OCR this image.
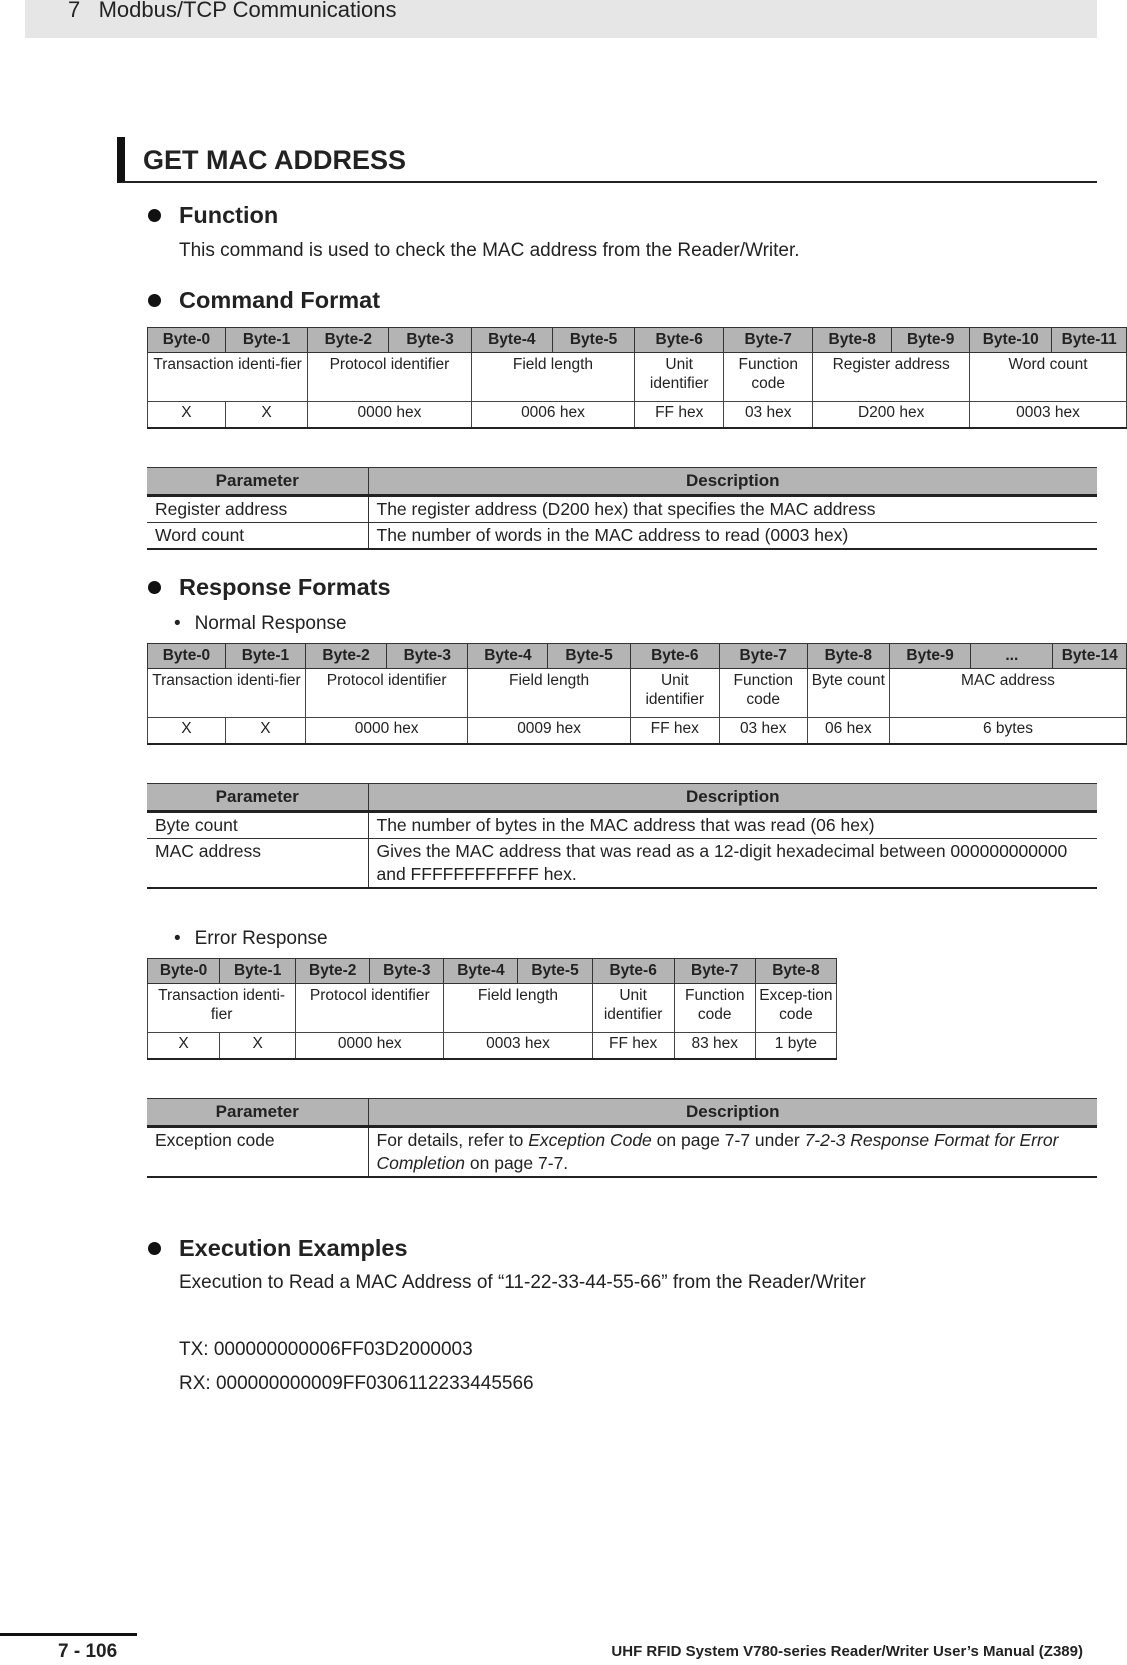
7   Modbus/TCP Communications
GET MAC ADDRESS
Function
This command is used to check the MAC address from the Reader/Writer.
Command Format
Byte-0	Byte-1	Byte-2	Byte-3	Byte-4	Byte-5	Byte-6	Byte-7	Byte-8	Byte-9	Byte-10	Byte-11
Transaction identi-fier		Protocol identifier		Field length		Unit identifier	Function code	Register address		Word count	
X	X	0000 hex		0006 hex		FF hex	03 hex	D200 hex		0003 hex	
Parameter	Description
Register address	The register address (D200 hex) that specifies the MAC address
Word count	The number of words in the MAC address to read (0003 hex)
Response Formats
• Normal Response
Byte-0	Byte-1	Byte-2	Byte-3	Byte-4	Byte-5	Byte-6	Byte-7	Byte-8	Byte-9	...	Byte-14
Transaction identi-fier		Protocol identifier		Field length		Unit identifier	Function code	Byte count	MAC address		
X	X	0000 hex		0009 hex		FF hex	03 hex	06 hex	6 bytes		
Parameter	Description
Byte count	The number of bytes in the MAC address that was read (06 hex)
MAC address	Gives the MAC address that was read as a 12-digit hexadecimal between 000000000000 and FFFFFFFFFFFF hex.
• Error Response
Byte-0	Byte-1	Byte-2	Byte-3	Byte-4	Byte-5	Byte-6	Byte-7	Byte-8
Transaction identi-fier		Protocol identifier		Field length		Unit identifier	Function code	Excep-tion code
X	X	0000 hex		0003 hex		FF hex	83 hex	1 byte
Parameter	Description
Exception code	For details, refer to Exception Code on page 7-7 under 7-2-3 Response Format for Error Completion on page 7-7.
Execution Examples
Execution to Read a MAC Address of “11-22-33-44-55-66” from the Reader/Writer
TX: 000000000006FF03D2000003
RX: 000000000009FF0306112233445566
7 - 106	UHF RFID System V780-series Reader/Writer User’s Manual (Z389)
